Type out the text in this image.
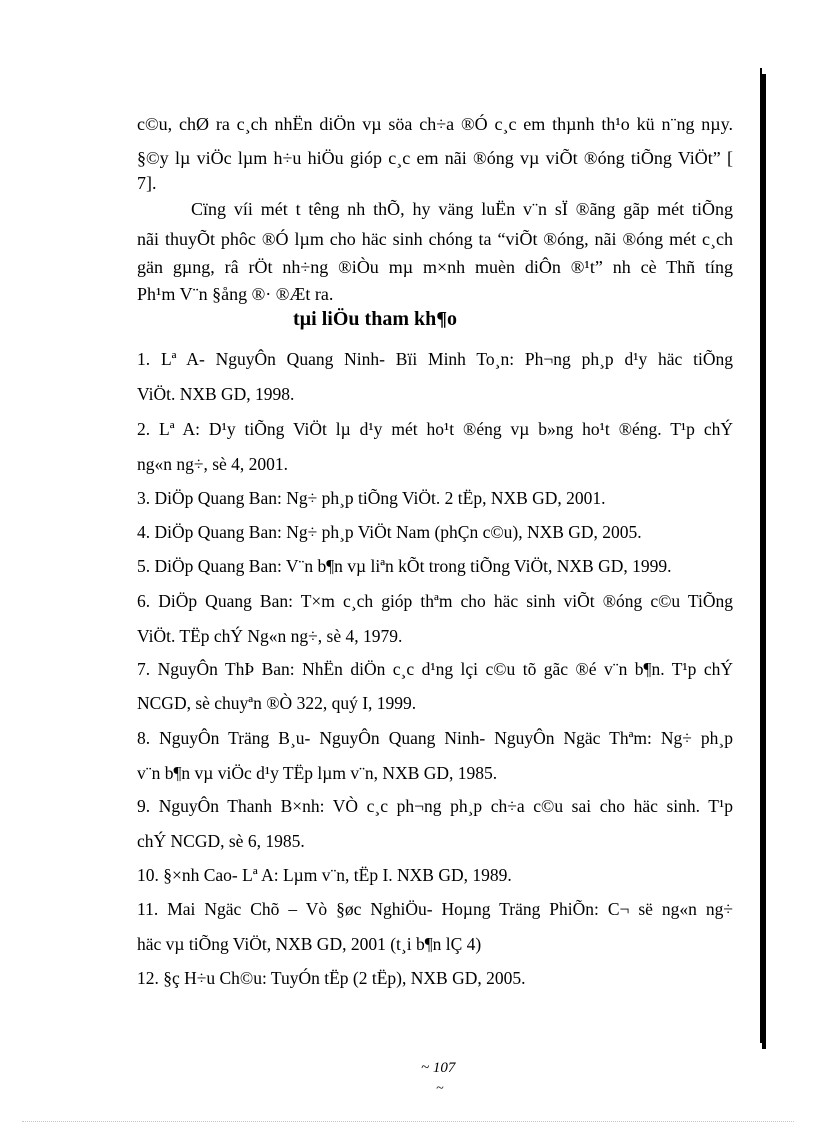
c©u, chØ ra c¸ch nhËn diÖn vµ söa ch÷a ®Ó c¸c em thµnh th¹o kü n¨ng nµy.
§©y lµ viÖc lµm h÷u hiÖu gióp c¸c em nãi ®óng vµ viÕt ®óng tiÕng ViÖt” [
7].
Cïng víi mét t têng nh thÕ, hy väng luËn v¨n sÏ ®ãng gãp mét tiÕng
nãi thuyÕt phôc ®Ó lµm cho häc sinh chóng ta “viÕt ®óng, nãi ®óng mét c¸ch
gän gµng, râ rÖt nh÷ng ®iÒu mµ m×nh muèn diÔn ®¹t” nh cè Thñ tíng
Ph¹m V¨n §ång ®· ®Æt ra.
tµi liÖu tham kh¶o
1. Lª A- NguyÔn Quang Ninh- Bïi Minh To¸n: Ph¬ng ph¸p d¹y häc tiÕng
ViÖt. NXB GD, 1998.
2. Lª A: D¹y tiÕng ViÖt lµ d¹y mét ho¹t ®éng vµ b»ng ho¹t ®éng. T¹p chÝ
ng«n ng÷, sè 4, 2001.
3. DiÖp Quang Ban: Ng÷ ph¸p tiÕng ViÖt. 2 tËp, NXB GD, 2001.
4. DiÖp Quang Ban: Ng÷ ph¸p ViÖt Nam (phÇn c©u), NXB GD, 2005.
5. DiÖp Quang Ban: V¨n b¶n vµ liªn kÕt trong tiÕng ViÖt, NXB GD, 1999.
6. DiÖp Quang Ban: T×m c¸ch gióp thªm cho häc sinh viÕt ®óng c©u TiÕng
ViÖt. TËp chÝ Ng«n ng÷, sè 4, 1979.
7. NguyÔn ThÞ Ban: NhËn diÖn c¸c d¹ng lçi c©u tõ gãc ®é v¨n b¶n. T¹p chÝ
NCGD, sè chuyªn ®Ò 322, quý I, 1999.
8. NguyÔn Träng B¸u- NguyÔn Quang Ninh- NguyÔn Ngäc Thªm: Ng÷ ph¸p
v¨n b¶n vµ viÖc d¹y TËp lµm v¨n, NXB GD, 1985.
9. NguyÔn Thanh B×nh: VÒ c¸c ph¬ng ph¸p ch÷a c©u sai cho häc sinh. T¹p
chÝ NCGD, sè 6, 1985.
10. §×nh Cao- Lª A: Lµm v¨n, tËp I. NXB GD, 1989.
11. Mai Ngäc Chõ – Vò §øc NghiÖu- Hoµng Träng PhiÕn: C¬ së ng«n ng÷
häc vµ tiÕng ViÖt, NXB GD, 2001 (t¸i b¶n lÇ 4)
12. §ç H÷u Ch©u: TuyÓn tËp (2 tËp), NXB GD, 2005.
~ 107
~
